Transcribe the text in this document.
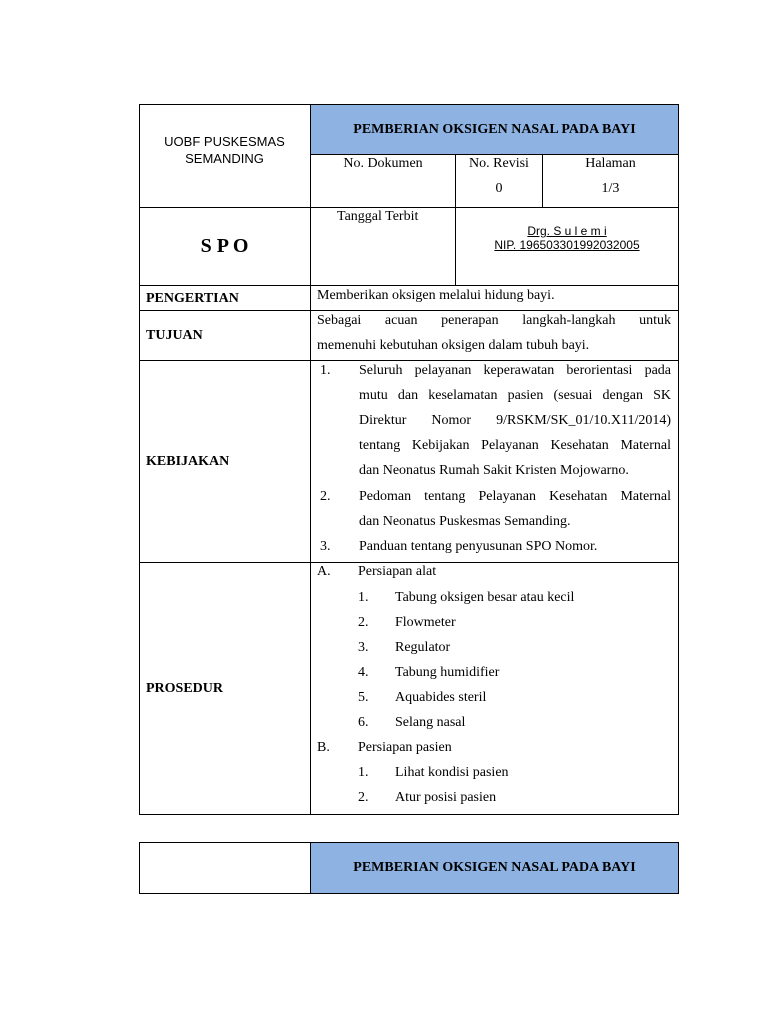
UOBF PUSKESMAS
SEMANDING
PEMBERIAN OKSIGEN NASAL PADA BAYI
No. Dokumen	No. Revisi
0
Halaman
1/3
S P O
Tanggal Terbit
Drg. S u l e m i
NIP. 196503301992032005
PENGERTIAN	Memberikan oksigen melalui hidung bayi.
TUJUAN
Sebagai acuan penerapan langkah-langkah untuk
memenuhi kebutuhan oksigen dalam tubuh bayi.
KEBIJAKAN
1. Seluruh pelayanan keperawatan berorientasi pada
mutu dan keselamatan pasien (sesuai dengan SK
Direktur Nomor 9/RSKM/SK_01/10.X11/2014)
tentang Kebijakan Pelayanan Kesehatan Maternal
dan Neonatus Rumah Sakit Kristen Mojowarno.
2. Pedoman tentang Pelayanan Kesehatan Maternal
dan Neonatus Puskesmas Semanding.
3. Panduan tentang penyusunan SPO Nomor.
PROSEDUR
A. Persiapan alat
1. Tabung oksigen besar atau kecil
2. Flowmeter
3. Regulator
4. Tabung humidifier
5. Aquabides steril
6. Selang nasal
B. Persiapan pasien
1. Lihat kondisi pasien
2. Atur posisi pasien
PEMBERIAN OKSIGEN NASAL PADA BAYI
